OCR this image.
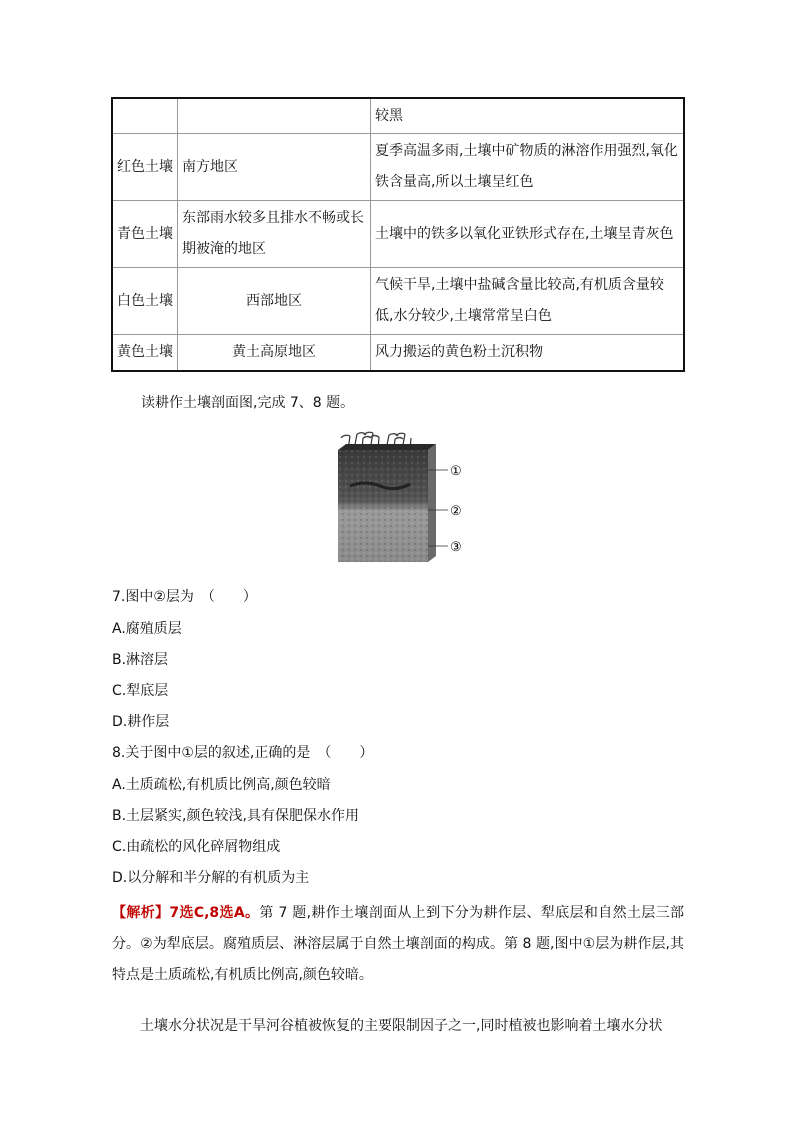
		较黑
红色土壤	南方地区	夏季高温多雨,土壤中矿物质的淋溶作用强烈,氧化铁含量高,所以土壤呈红色
青色土壤	东部雨水较多且排水不畅或长期被淹的地区	土壤中的铁多以氧化亚铁形式存在,土壤呈青灰色
白色土壤	西部地区	气候干旱,土壤中盐碱含量比较高,有机质含量较低,水分较少,土壤常常呈白色
黄色土壤	黄土高原地区	风力搬运的黄色粉土沉积物

读耕作土壤剖面图,完成 7、8 题。

①
②
③

7.图中②层为　（　　）

A.腐殖质层

B.淋溶层

C.犁底层

D.耕作层

8.关于图中①层的叙述,正确的是　（　　）

A.土质疏松,有机质比例高,颜色较暗

B.土层紧实,颜色较浅,具有保肥保水作用

C.由疏松的风化碎屑物组成

D.以分解和半分解的有机质为主

【解析】7选C,8选A。第 7 题,耕作土壤剖面从上到下分为耕作层、犁底层和自然土层三部分。②为犁底层。腐殖质层、淋溶层属于自然土壤剖面的构成。第 8 题,图中①层为耕作层,其特点是土质疏松,有机质比例高,颜色较暗。

土壤水分状况是干旱河谷植被恢复的主要限制因子之一,同时植被也影响着土壤水分状
